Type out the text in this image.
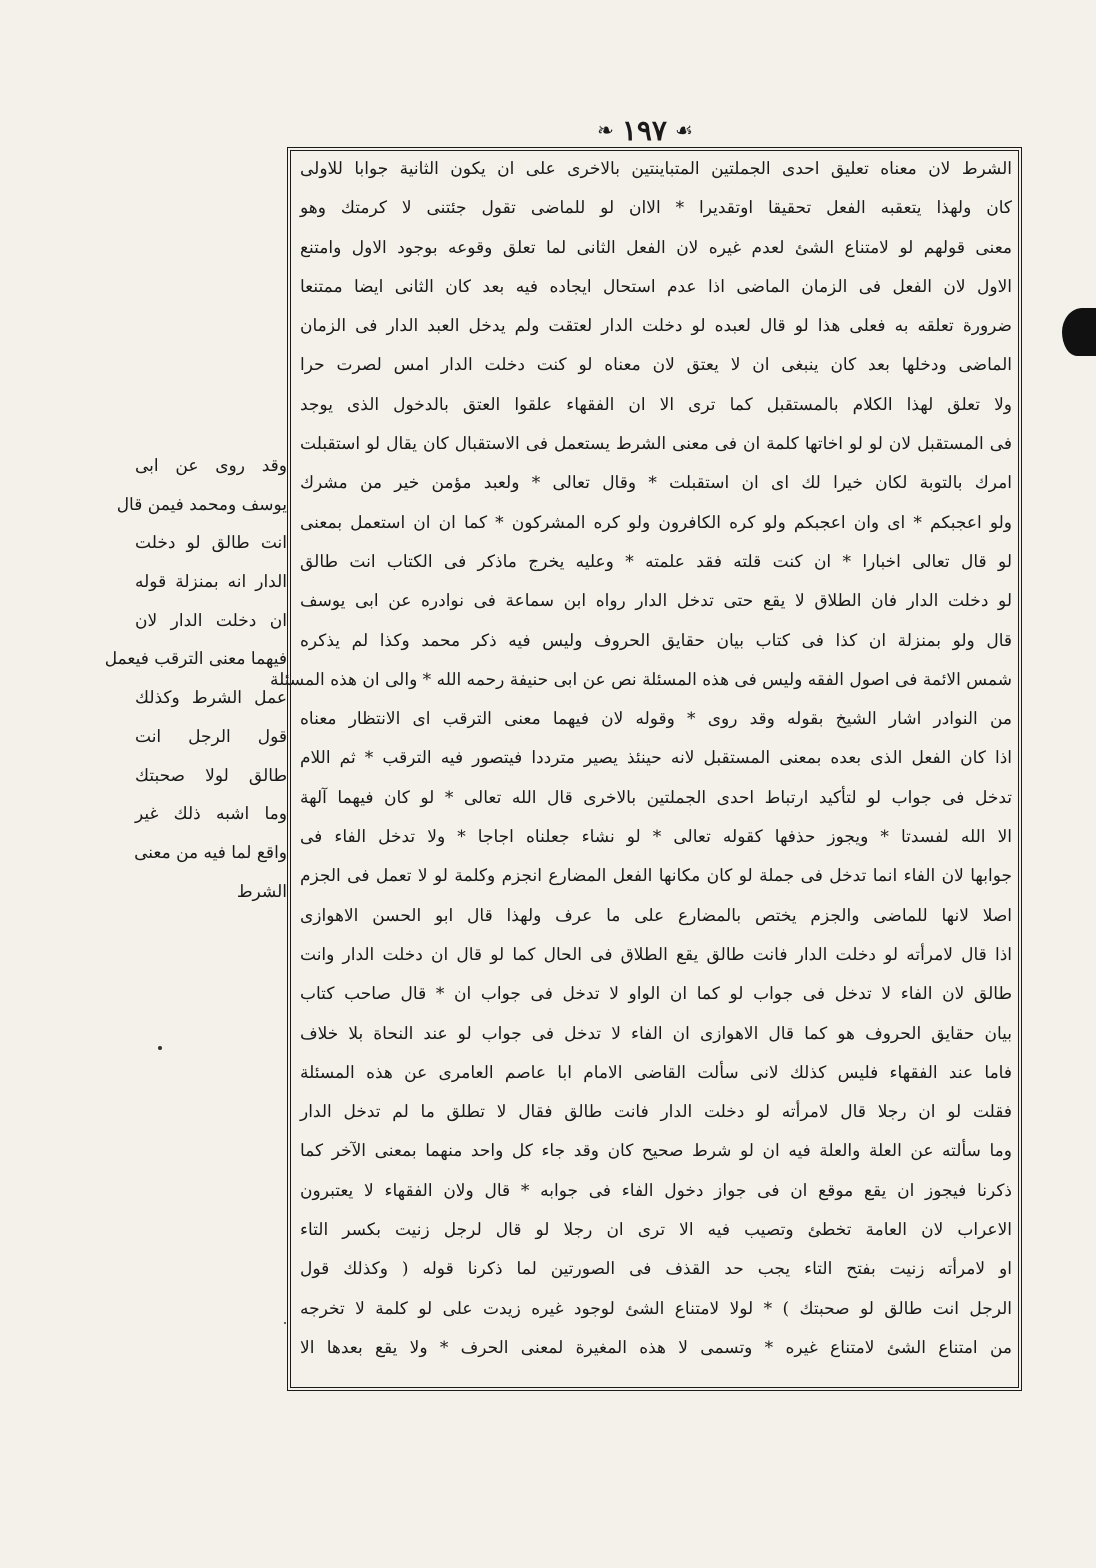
❧ ١٩٧ ☙
الشرط لان معناه تعليق احدى الجملتين المتباينتين بالاخرى على ان يكون الثانية جوابا للاولى
كان ولهذا يتعقبه الفعل تحقيقا اوتقديرا * الاان لو للماضى تقول جئتنى لا كرمتك وهو
معنى قولهم لو لامتناع الشئ لعدم غيره لان الفعل الثانى لما تعلق وقوعه بوجود الاول وامتنع
الاول لان الفعل فى الزمان الماضى اذا عدم استحال ايجاده فيه بعد كان الثانى ايضا ممتنعا
ضرورة تعلقه به فعلى هذا لو قال لعبده لو دخلت الدار لعتقت ولم يدخل العبد الدار فى الزمان
الماضى ودخلها بعد كان ينبغى ان لا يعتق لان معناه لو كنت دخلت الدار امس لصرت حرا
ولا تعلق لهذا الكلام بالمستقبل كما ترى الا ان الفقهاء علقوا العتق بالدخول الذى يوجد
فى المستقبل لان لو لو اخاتها كلمة ان فى معنى الشرط يستعمل فى الاستقبال كان يقال لو استقبلت
امرك بالتوبة لكان خيرا لك اى ان استقبلت * وقال تعالى * ولعبد مؤمن خير من مشرك
ولو اعجبكم * اى وان اعجبكم ولو كره الكافرون ولو كره المشركون * كما ان ان استعمل بمعنى
لو قال تعالى اخبارا * ان كنت قلته فقد علمته * وعليه يخرج ماذكر فى الكتاب انت طالق
لو دخلت الدار فان الطلاق لا يقع حتى تدخل الدار رواه ابن سماعة فى نوادره عن ابى يوسف
قال ولو بمنزلة ان كذا فى كتاب بيان حقايق الحروف وليس فيه ذكر محمد وكذا لم يذكره
شمس الائمة فى اصول الفقه وليس فى هذه المسئلة نص عن ابى حنيفة رحمه الله * والى ان هذه المسئلة
من النوادر اشار الشيخ بقوله وقد روى * وقوله لان فيهما معنى الترقب اى الانتظار معناه
اذا كان الفعل الذى بعده بمعنى المستقبل لانه حينئذ يصير مترددا فيتصور فيه الترقب * ثم اللام
تدخل فى جواب لو لتأكيد ارتباط احدى الجملتين بالاخرى قال الله تعالى * لو كان فيهما آلهة
الا الله لفسدتا * ويجوز حذفها كقوله تعالى * لو نشاء جعلناه اجاجا * ولا تدخل الفاء فى
جوابها لان الفاء انما تدخل فى جملة لو كان مكانها الفعل المضارع انجزم وكلمة لو لا تعمل فى الجزم
اصلا لانها للماضى والجزم يختص بالمضارع على ما عرف ولهذا قال ابو الحسن الاهوازى
اذا قال لامرأته لو دخلت الدار فانت طالق يقع الطلاق فى الحال كما لو قال ان دخلت الدار وانت
طالق لان الفاء لا تدخل فى جواب لو كما ان الواو لا تدخل فى جواب ان * قال صاحب كتاب
بيان حقايق الحروف هو كما قال الاهوازى ان الفاء لا تدخل فى جواب لو عند النحاة بلا خلاف
فاما عند الفقهاء فليس كذلك لانى سألت القاضى الامام ابا عاصم العامرى عن هذه المسئلة
فقلت لو ان رجلا قال لامرأته لو دخلت الدار فانت طالق فقال لا تطلق ما لم تدخل الدار
وما سألته عن العلة والعلة فيه ان لو شرط صحيح كان وقد جاء كل واحد منهما بمعنى الآخر كما
ذكرنا فيجوز ان يقع موقع ان فى جواز دخول الفاء فى جوابه * قال ولان الفقهاء لا يعتبرون
الاعراب لان العامة تخطئ وتصيب فيه الا ترى ان رجلا لو قال لرجل زنيت بكسر التاء
او لامرأته زنيت بفتح التاء يجب حد القذف فى الصورتين لما ذكرنا قوله ( وكذلك قول
الرجل انت طالق لو صحبتك ) * لولا لامتناع الشئ لوجود غيره زيدت على لو كلمة لا تخرجه
من امتناع الشئ لامتناع غيره * وتسمى لا هذه المغيرة لمعنى الحرف * ولا يقع بعدها الا
وقد روى عن ابى
يوسف ومحمد فيمن قال
انت طالق لو دخلت
الدار انه بمنزلة قوله
ان دخلت الدار لان
فيهما معنى الترقب فيعمل
عمل الشرط وكذلك
قول الرجل انت
طالق لولا صحبتك
وما اشبه ذلك غير
واقع لما فيه من معنى
الشرط
